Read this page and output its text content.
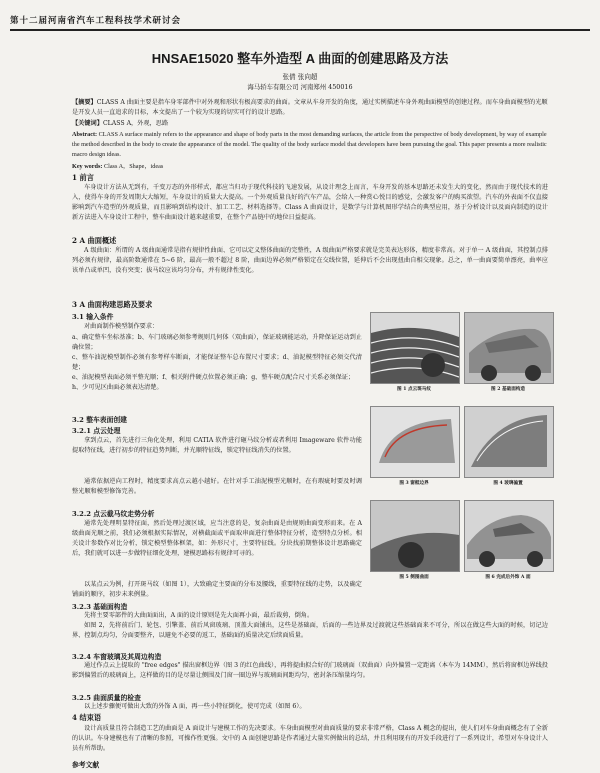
第十二届河南省汽车工程科技学术研讨会
HNSAE15020 整车外造型 A 曲面的创建思路及方法
张倩 张向超
海马轿车有限公司 河南郑州 450016
【摘要】CLASS A 曲面主要是指车身零部件中对外观和形状有极高要求的曲面。文章从车身开发的角度，通过实例描述车身外观曲面模型的创建过程。而车身曲面模型的光顺是开发人员一直追求的目标，本文提出了一个较为实现的切实可行的设计思路。
【关键词】CLASS A，外观，思路
Abstract: CLASS A surface mainly refers to the appearance and shape of body parts in the most demanding surfaces, the article from the perspective of body development, by way of example the method described in the body to create the appearance of the model. The quality of the body surface model that developers have been pursuing the goal. This paper presents a more realistic macro design ideas.
Key words: Class A，Shape，ideas
1 前言
车身设计方法从无到有，千变万态的外形样式，都应当归功于现代科技的飞速发展，从设计理念上而言，车身开发的基本思路还未发生大的变化，然而由于现代技术的进入，使得车身的开发周期大大缩短，车身设计的质量大大提高。一个外观质量良好的汽车产品，会给人一种赏心悦目的感觉，会激发客户的购买欲望。汽车的外表面不仅直接影响到汽车造型的外观质量，而且影响到结构设计、加工工艺、材料选择等。Class A 曲面设计，是数学与计算机图形学结合的典型应用，基于分析设计以及面向制造的设计新方法进入车身设计工程中，整车曲面设计越来越重要，在整个产品链中的地位日益提高。
2 A 曲面概述
A 级曲面：所谓的 A 级曲面通常是指有规律性曲面、它可以定义整体曲面的完整性，A 级曲面严格要求就是完美表达形体，精度非常高。对于单一 A 级曲面，其控制点排列必须有规律，最高阶数通常在 5~6 阶，最高一般不超过 8 阶，曲面边界必须严格锁定在交线位置，延伸后不会出现扭曲自相交现象。总之，单一曲面要简单漂亮，曲率应该单凸或单凹，没有突变；拔马纹应该均匀分布，并有规律性变化。
3 A 曲面构建思路及要求
3.1 输入条件
对曲面制作模型制作要求：
a、确定整车坐标基准；b、车门玻璃必须参考规则几何体（双曲面），保证玻璃能运动，升降保证运动到止确位置；
c、整车油泥模型制作必须有参考样车断面，才能保证整车总布置尺寸要求；d、油泥模型特征必须交代清楚；
e、油泥模型表面必须平整光顺；f、相关附件硬点位置必须正确；g、整车硬点配合尺寸关系必须保证；
h、少可见区曲面必须表达清楚。
3.2 整车表面创建
3.2.1 点云处理
拿到点云，首先进行三角化处理，利用 CATIA 软件进行砸马纹分析或者利用 Imageware 软件功能提取特征线，进行初步的特征趋势判断，并光顺特征线，锁定特征线消失的位置。
通常依据逆向工程时，精度要求高点云越小越好。在针对手工油泥模型光顺时，在有瑕疵时要及时调整光顺和模型修饰完善。
3.2.2 点云截马纹走势分析
通常先处理明显特征面，然后处理过渡区域，应当注意的是，复杂曲面是由规则曲面变形而来。在 A 级曲面光顺之前，我们必须根据实际情况，对横截面或平面取串面进行整体特征分析，造型特点分析。相关设计参数作对比分析，锁定模型整体框架，如：外形尺寸，主要特征线。分块找前期整体设计思路确定后，我们就可以进一步做特征细化处理，建模思路标有规律可寻的。
以某点云为例，打开斑马纹（如图 1），大致确定主要面的分布及腰线，重要特征线的走势，以及确定铺面的顺序，初步未来例量。
3.2.3 基础面构造
先将主要零部件的大曲面面出，A 面的设计原则是先大面再小面，最后裁剪，倒角。
如图 2，先将前后门、轮包、引擎盖、前后风窗玻璃、顶盖大面铺出，这些是基础面，后面的一些边界及过渡就这些基础面来不可分，所以在做这些大面的时候，切记边界、控制点均匀，分面要整齐，以避免不必要的返工，基础面的质量决定后续面质量。
3.2.4 车窗玻璃及其周边构造
通过作点云上提取的 "free edges" 描出窗框边界（图 3 的红色曲线），再将提曲拟合好的门玻璃面（双曲面）向外偏置一定距离（本车为 14MM），然后将窗框边界线投影到偏置后的玻璃面上，这样做的目的是尽量让侧围及门窗一圈边界与玻璃面间距均匀，密封条压缩量均匀。
3.2.5 曲面质量的检查
以上述步骤便可做出大致的外饰 A 面，再一些小特征倒化，使可完成（如图 6）。
4 结束语
设计高质量且符合制造工艺的曲面是 A 面设计与建模工作的先决要求。车身曲面模型对曲面质量的要求非常严格，Class A 概念的提出，使人们对车身曲面概念有了全新的认识。车身建模也有了清晰的参照，可操作性更强。文中的 A 面创建思路是作者通过大量实例做出的总结，并且利用现有的开发手段进行了一系列设计，希望对车身设计人员有所帮助。
参考文献
图 1 点云斑马纹	图 2 基础面构造
图 3 窗框边界	图 4 玻璃偏置
图 5 侧围曲面	图 6 完成后外饰 A 面
